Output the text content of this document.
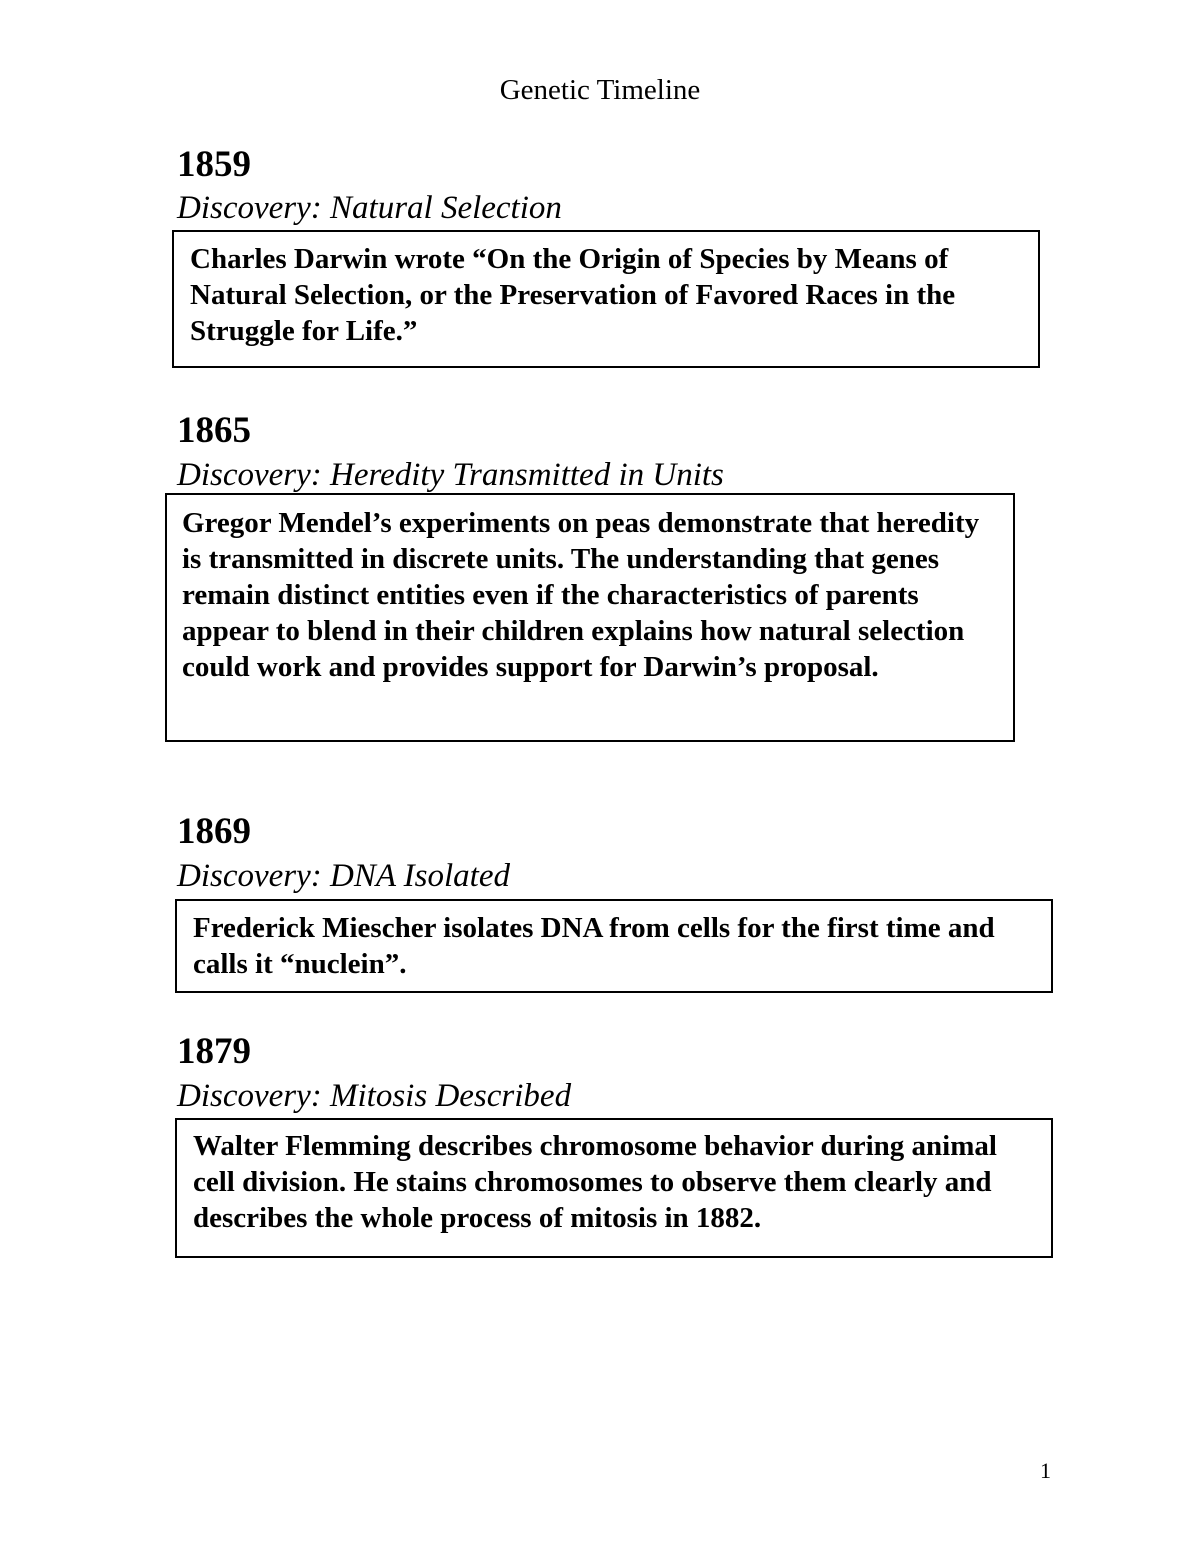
Genetic Timeline
1859
Discovery: Natural Selection
Charles Darwin wrote “On the Origin of Species by Means of Natural Selection, or the Preservation of Favored Races in the Struggle for Life.”
1865
Discovery: Heredity Transmitted in Units
Gregor Mendel’s experiments on peas demonstrate that heredity is transmitted in discrete units. The understanding that genes remain distinct entities even if the characteristics of parents appear to blend in their children explains how natural selection could work and provides support for Darwin’s proposal.
1869
Discovery: DNA Isolated
Frederick Miescher isolates DNA from cells for the first time and calls it “nuclein”.
1879
Discovery: Mitosis Described
Walter Flemming describes chromosome behavior during animal cell division. He stains chromosomes to observe them clearly and describes the whole process of mitosis in 1882.
1
